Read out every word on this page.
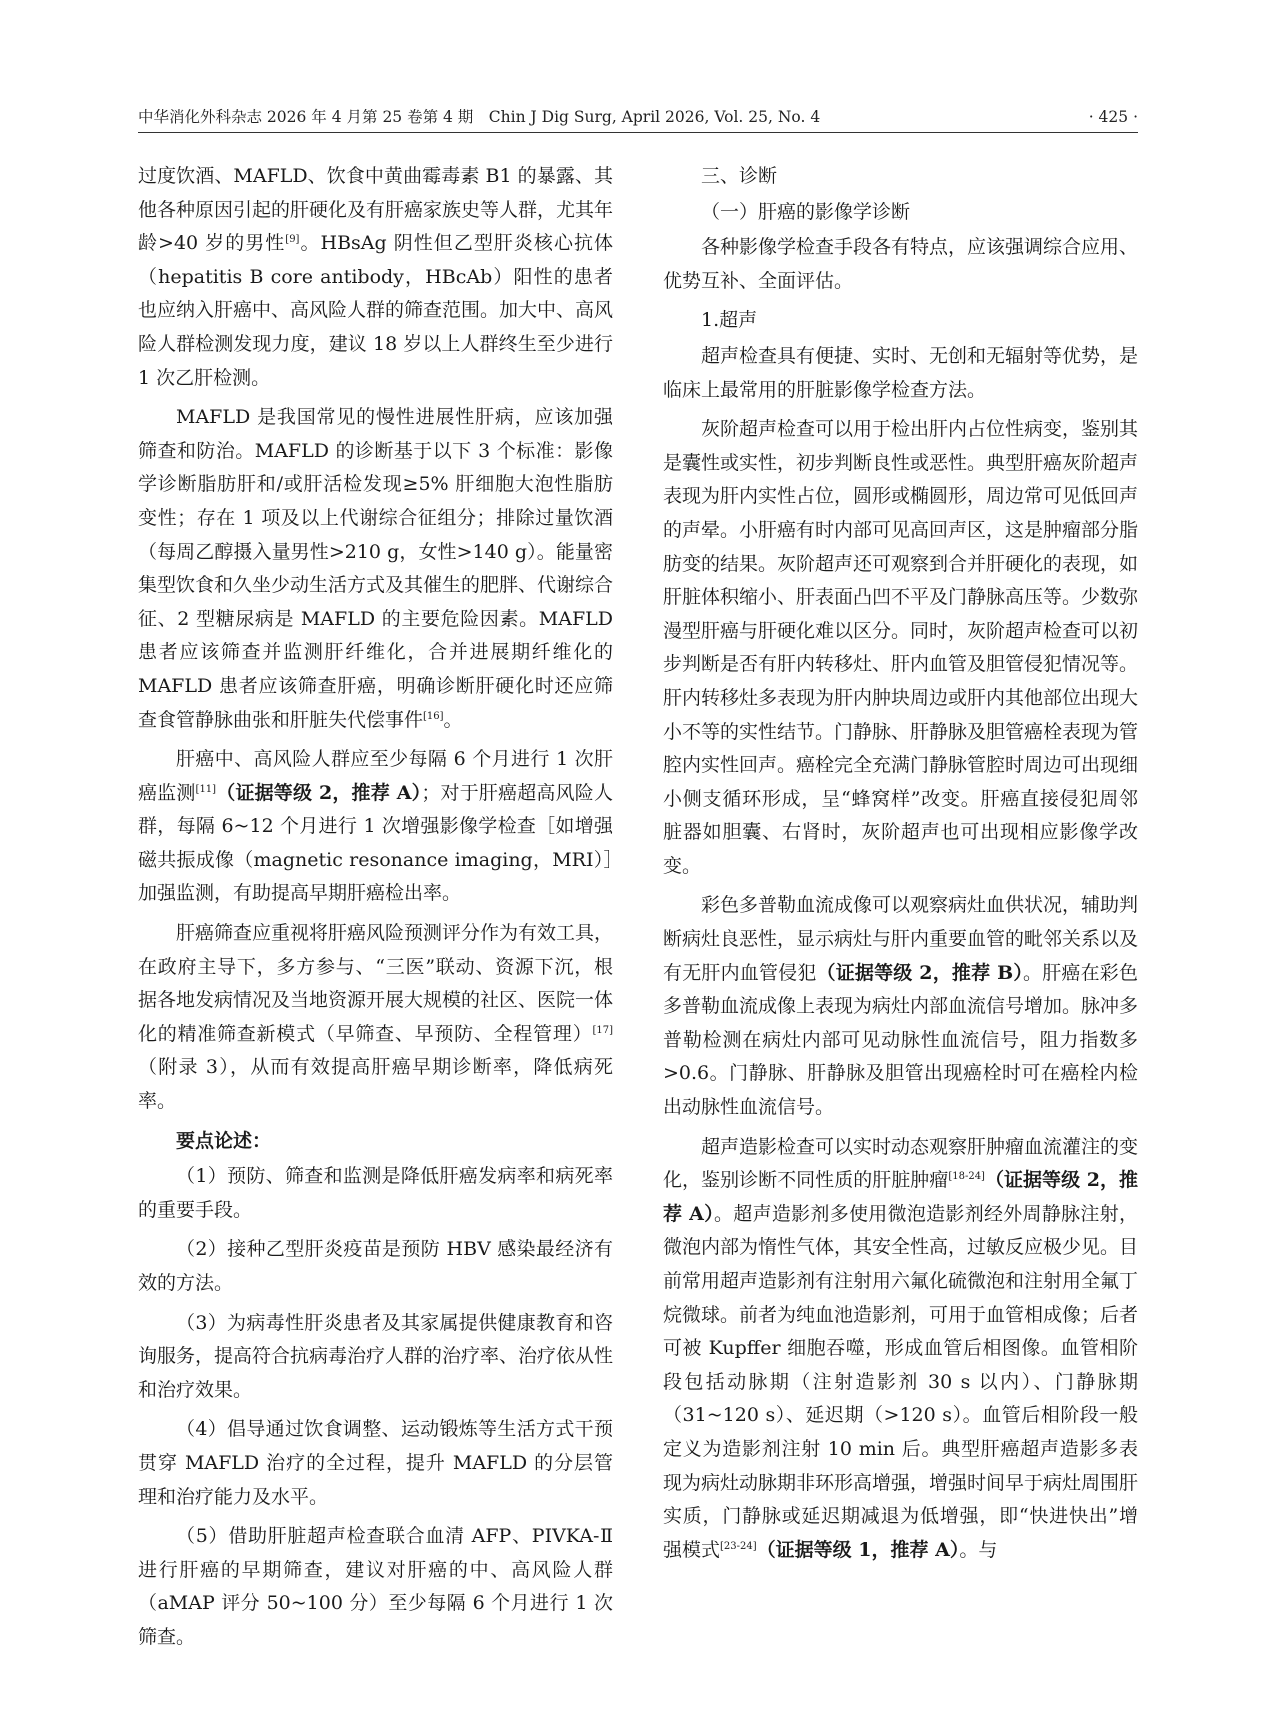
中华消化外科杂志 2026 年 4 月第 25 卷第 4 期　Chin J Dig Surg, April 2026, Vol. 25, No. 4	· 425 ·

过度饮酒、MAFLD、饮食中黄曲霉毒素 B1 的暴露、其他各种原因引起的肝硬化及有肝癌家族史等人群，尤其年龄>40 岁的男性[9]。HBsAg 阴性但乙型肝炎核心抗体（hepatitis B core antibody，HBcAb）阳性的患者也应纳入肝癌中、高风险人群的筛查范围。加大中、高风险人群检测发现力度，建议 18 岁以上人群终生至少进行 1 次乙肝检测。

MAFLD 是我国常见的慢性进展性肝病，应该加强筛查和防治。MAFLD 的诊断基于以下 3 个标准：影像学诊断脂肪肝和/或肝活检发现≥5% 肝细胞大泡性脂肪变性；存在 1 项及以上代谢综合征组分；排除过量饮酒（每周乙醇摄入量男性>210 g，女性>140 g）。能量密集型饮食和久坐少动生活方式及其催生的肥胖、代谢综合征、2 型糖尿病是 MAFLD 的主要危险因素。MAFLD 患者应该筛查并监测肝纤维化，合并进展期纤维化的 MAFLD 患者应该筛查肝癌，明确诊断肝硬化时还应筛查食管静脉曲张和肝脏失代偿事件[16]。

肝癌中、高风险人群应至少每隔 6 个月进行 1 次肝癌监测[11]（证据等级 2，推荐 A）；对于肝癌超高风险人群，每隔 6~12 个月进行 1 次增强影像学检查［如增强磁共振成像（magnetic resonance imaging，MRI）］加强监测，有助提高早期肝癌检出率。

肝癌筛查应重视将肝癌风险预测评分作为有效工具，在政府主导下，多方参与、“三医”联动、资源下沉，根据各地发病情况及当地资源开展大规模的社区、医院一体化的精准筛查新模式（早筛查、早预防、全程管理）[17]（附录 3），从而有效提高肝癌早期诊断率，降低病死率。

要点论述：

（1）预防、筛查和监测是降低肝癌发病率和病死率的重要手段。

（2）接种乙型肝炎疫苗是预防 HBV 感染最经济有效的方法。

（3）为病毒性肝炎患者及其家属提供健康教育和咨询服务，提高符合抗病毒治疗人群的治疗率、治疗依从性和治疗效果。

（4）倡导通过饮食调整、运动锻炼等生活方式干预贯穿 MAFLD 治疗的全过程，提升 MAFLD 的分层管理和治疗能力及水平。

（5）借助肝脏超声检查联合血清 AFP、PIVKA-Ⅱ进行肝癌的早期筛查，建议对肝癌的中、高风险人群（aMAP 评分 50~100 分）至少每隔 6 个月进行 1 次筛查。

三、诊断

（一）肝癌的影像学诊断

各种影像学检查手段各有特点，应该强调综合应用、优势互补、全面评估。

1.超声

超声检查具有便捷、实时、无创和无辐射等优势，是临床上最常用的肝脏影像学检查方法。

灰阶超声检查可以用于检出肝内占位性病变，鉴别其是囊性或实性，初步判断良性或恶性。典型肝癌灰阶超声表现为肝内实性占位，圆形或椭圆形，周边常可见低回声的声晕。小肝癌有时内部可见高回声区，这是肿瘤部分脂肪变的结果。灰阶超声还可观察到合并肝硬化的表现，如肝脏体积缩小、肝表面凸凹不平及门静脉高压等。少数弥漫型肝癌与肝硬化难以区分。同时，灰阶超声检查可以初步判断是否有肝内转移灶、肝内血管及胆管侵犯情况等。肝内转移灶多表现为肝内肿块周边或肝内其他部位出现大小不等的实性结节。门静脉、肝静脉及胆管癌栓表现为管腔内实性回声。癌栓完全充满门静脉管腔时周边可出现细小侧支循环形成，呈“蜂窝样”改变。肝癌直接侵犯周邻脏器如胆囊、右肾时，灰阶超声也可出现相应影像学改变。

彩色多普勒血流成像可以观察病灶血供状况，辅助判断病灶良恶性，显示病灶与肝内重要血管的毗邻关系以及有无肝内血管侵犯（证据等级 2，推荐 B）。肝癌在彩色多普勒血流成像上表现为病灶内部血流信号增加。脉冲多普勒检测在病灶内部可见动脉性血流信号，阻力指数多>0.6。门静脉、肝静脉及胆管出现癌栓时可在癌栓内检出动脉性血流信号。

超声造影检查可以实时动态观察肝肿瘤血流灌注的变化，鉴别诊断不同性质的肝脏肿瘤[18-24]（证据等级 2，推荐 A）。超声造影剂多使用微泡造影剂经外周静脉注射，微泡内部为惰性气体，其安全性高，过敏反应极少见。目前常用超声造影剂有注射用六氟化硫微泡和注射用全氟丁烷微球。前者为纯血池造影剂，可用于血管相成像；后者可被 Kupffer 细胞吞噬，形成血管后相图像。血管相阶段包括动脉期（注射造影剂 30 s 以内）、门静脉期（31~120 s）、延迟期（>120 s）。血管后相阶段一般定义为造影剂注射 10 min 后。典型肝癌超声造影多表现为病灶动脉期非环形高增强，增强时间早于病灶周围肝实质，门静脉或延迟期减退为低增强，即“快进快出”增强模式[23-24]（证据等级 1，推荐 A）。与
